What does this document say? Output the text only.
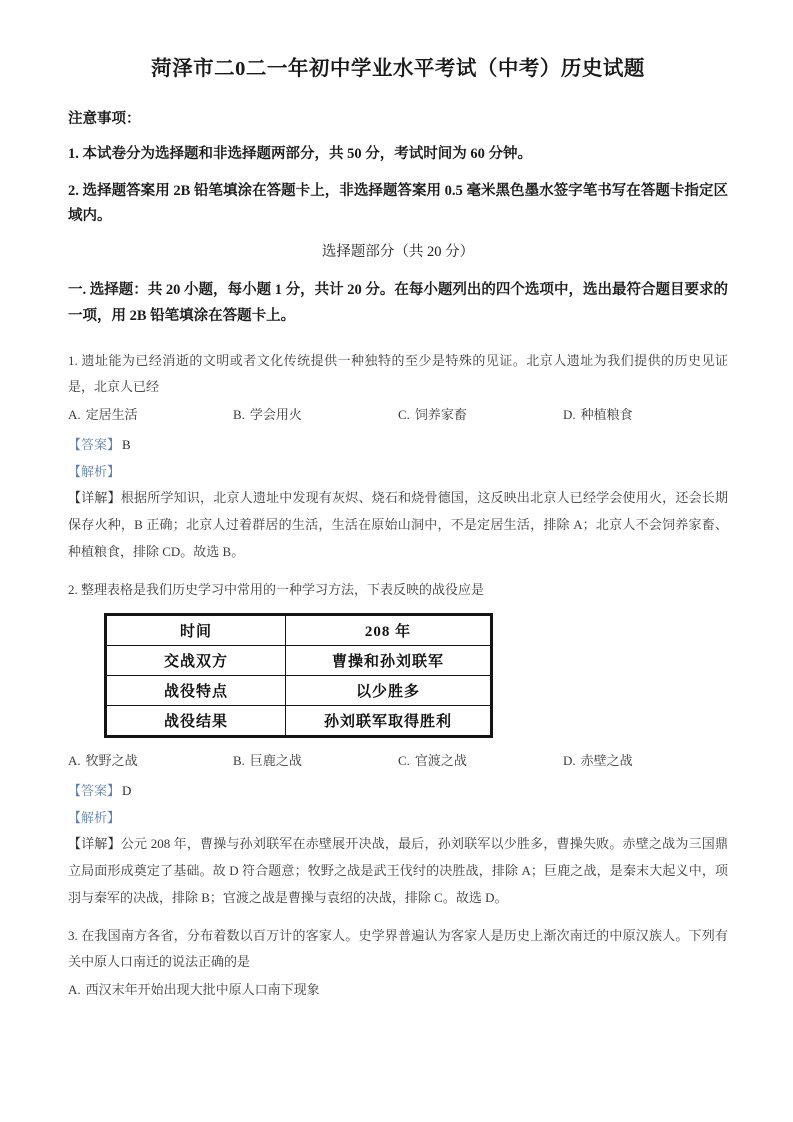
菏泽市二0二一年初中学业水平考试（中考）历史试题

注意事项：

1. 本试卷分为选择题和非选择题两部分，共 50 分，考试时间为 60 分钟。

2. 选择题答案用 2B 铅笔填涂在答题卡上，非选择题答案用 0.5 毫米黑色墨水签字笔书写在答题卡指定区域内。

选择题部分（共 20 分）

一. 选择题：共 20 小题，每小题 1 分，共计 20 分。在每小题列出的四个选项中，选出最符合题目要求的一项，用 2B 铅笔填涂在答题卡上。

1. 遗址能为已经消逝的文明或者文化传统提供一种独特的至少是特殊的见证。北京人遗址为我们提供的历史见证是，北京人已经

A. 定居生活	B. 学会用火	C. 饲养家畜	D. 种植粮食

【答案】 B

【解析】

【详解】根据所学知识，北京人遗址中发现有灰烬、烧石和烧骨德国，这反映出北京人已经学会使用火，还会长期保存火种，B 正确；北京人过着群居的生活，生活在原始山洞中，不是定居生活，排除 A；北京人不会饲养家畜、种植粮食，排除 CD。故选 B。

2. 整理表格是我们历史学习中常用的一种学习方法，下表反映的战役应是

时间	208 年
交战双方	曹操和孙刘联军
战役特点	以少胜多
战役结果	孙刘联军取得胜利
A. 牧野之战	B. 巨鹿之战	C. 官渡之战	D. 赤壁之战

【答案】 D

【解析】

【详解】公元 208 年，曹操与孙刘联军在赤壁展开决战，最后，孙刘联军以少胜多，曹操失败。赤壁之战为三国鼎立局面形成奠定了基础。故 D 符合题意；牧野之战是武王伐纣的决胜战，排除 A；巨鹿之战，是秦末大起义中，项羽与秦军的决战，排除 B；官渡之战是曹操与袁绍的决战，排除 C。故选 D。

3. 在我国南方各省，分布着数以百万计的客家人。史学界普遍认为客家人是历史上渐次南迁的中原汉族人。下列有关中原人口南迁的说法正确的是

A. 西汉末年开始出现大批中原人口南下现象
